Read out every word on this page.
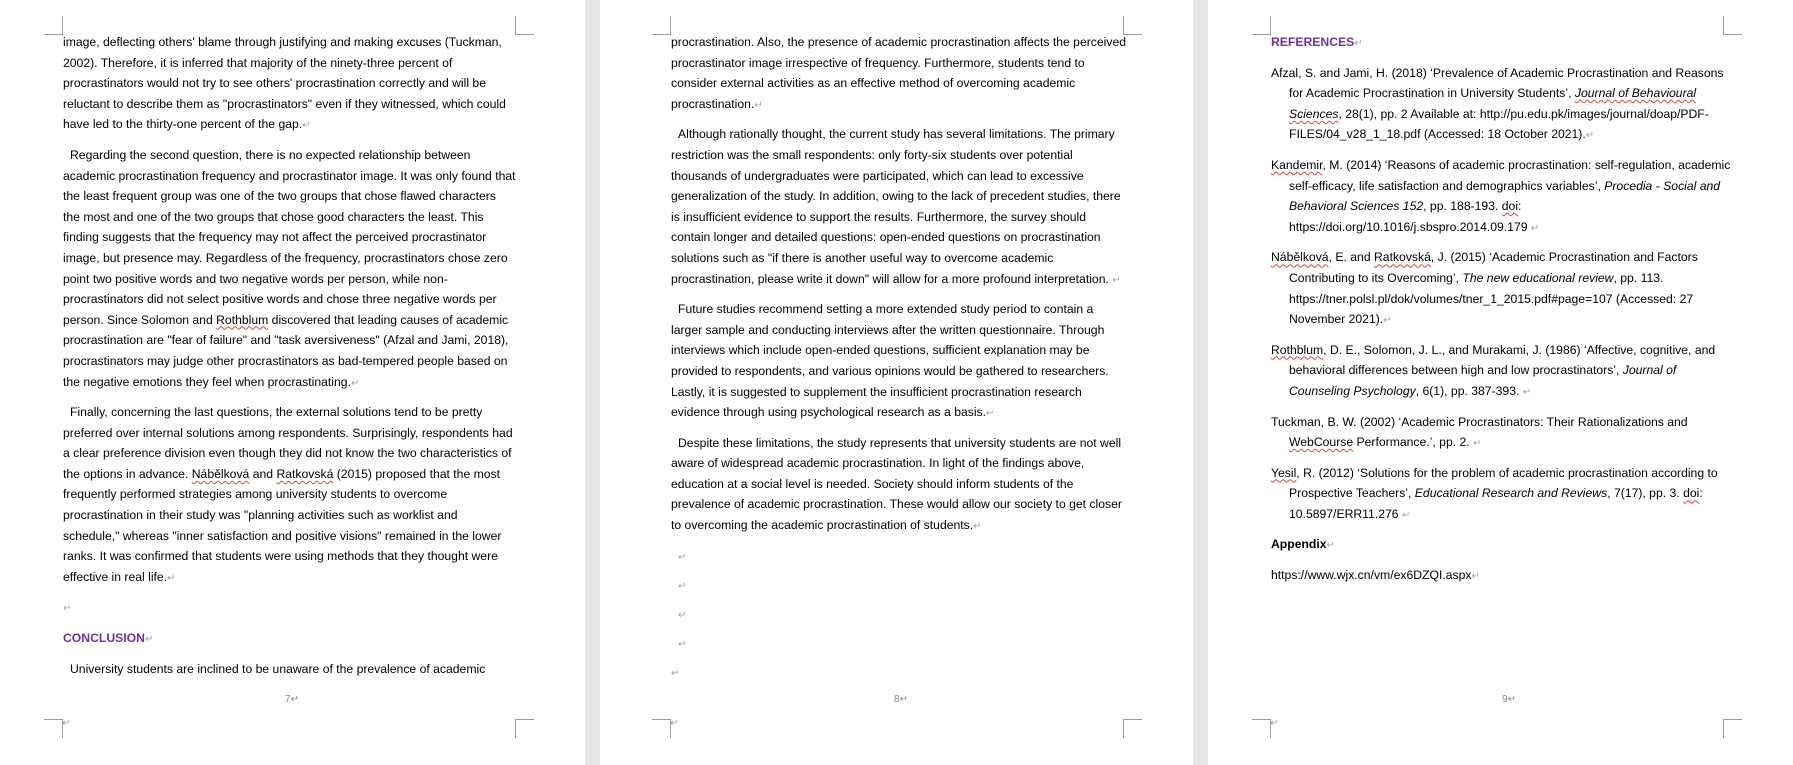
↵

image, deflecting others' blame through justifying and making excuses (Tuckman, 2002). Therefore, it is inferred that majority of the ninety-three percent of procrastinators would not try to see others' procrastination correctly and will be reluctant to describe them as "procrastinators" even if they witnessed, which could have led to the thirty-one percent of the gap.↵

Regarding the second question, there is no expected relationship between academic procrastination frequency and procrastinator image. It was only found that the least frequent group was one of the two groups that chose flawed characters the most and one of the two groups that chose good characters the least. This finding suggests that the frequency may not affect the perceived procrastinator image, but presence may. Regardless of the frequency, procrastinators chose zero point two positive words and two negative words per person, while non-procrastinators did not select positive words and chose three negative words per person. Since Solomon and Rothblum discovered that leading causes of academic procrastination are "fear of failure" and "task aversiveness" (Afzal and Jami, 2018), procrastinators may judge other procrastinators as bad-tempered people based on the negative emotions they feel when procrastinating.↵

Finally, concerning the last questions, the external solutions tend to be pretty preferred over internal solutions among respondents. Surprisingly, respondents had a clear preference division even though they did not know the two characteristics of the options in advance. Nábělková and Ratkovská (2015) proposed that the most frequently performed strategies among university students to overcome procrastination in their study was "planning activities such as worklist and schedule," whereas "inner satisfaction and positive visions" remained in the lower ranks. It was confirmed that students were using methods that they thought were effective in real life.↵

↵

CONCLUSION↵

University students are inclined to be unaware of the prevalence of academic

7↵
↵

procrastination. Also, the presence of academic procrastination affects the perceived procrastinator image irrespective of frequency. Furthermore, students tend to consider external activities as an effective method of overcoming academic procrastination.↵

Although rationally thought, the current study has several limitations. The primary restriction was the small respondents: only forty-six students over potential thousands of undergraduates were participated, which can lead to excessive generalization of the study. In addition, owing to the lack of precedent studies, there is insufficient evidence to support the results. Furthermore, the survey should contain longer and detailed questions: open-ended questions on procrastination solutions such as "if there is another useful way to overcome academic procrastination, please write it down" will allow for a more profound interpretation. ↵

Future studies recommend setting a more extended study period to contain a larger sample and conducting interviews after the written questionnaire. Through interviews which include open-ended questions, sufficient explanation may be provided to respondents, and various opinions would be gathered to researchers. Lastly, it is suggested to supplement the insufficient procrastination research evidence through using psychological research as a basis.↵

Despite these limitations, the study represents that university students are not well aware of widespread academic procrastination. In light of the findings above, education at a social level is needed. Society should inform students of the prevalence of academic procrastination. These would allow our society to get closer to overcoming the academic procrastination of students.↵

↵
↵
↵
↵
↵
8↵
↵

REFERENCES↵

Afzal, S. and Jami, H. (2018) ‘Prevalence of Academic Procrastination and Reasons for Academic Procrastination in University Students’, Journal of Behavioural Sciences, 28(1), pp. 2 Available at: http://pu.edu.pk/images/journal/doap/PDF-FILES/04_v28_1_18.pdf (Accessed: 18 October 2021).↵

Kandemir, M. (2014) ‘Reasons of academic procrastination: self-regulation, academic self-efficacy, life satisfaction and demographics variables’, Procedia - Social and Behavioral Sciences 152, pp. 188-193. doi: https://doi.org/10.1016/j.sbspro.2014.09.179 ↵

Nábělková, E. and Ratkovská, J. (2015) ‘Academic Procrastination and Factors Contributing to its Overcoming’, The new educational review, pp. 113. https://tner.polsl.pl/dok/volumes/tner_1_2015.pdf#page=107 (Accessed: 27 November 2021).↵

Rothblum, D. E., Solomon, J. L., and Murakami, J. (1986) ‘Affective, cognitive, and behavioral differences between high and low procrastinators’, Journal of Counseling Psychology, 6(1), pp. 387-393. ↵

Tuckman, B. W. (2002) ‘Academic Procrastinators: Their Rationalizations and WebCourse Performance.’, pp. 2. ↵

Yesil, R. (2012) ‘Solutions for the problem of academic procrastination according to Prospective Teachers’, Educational Research and Reviews, 7(17), pp. 3. doi: 10.5897/ERR11.276 ↵

Appendix↵

https://www.wjx.cn/vm/ex6DZQI.aspx↵

9↵
